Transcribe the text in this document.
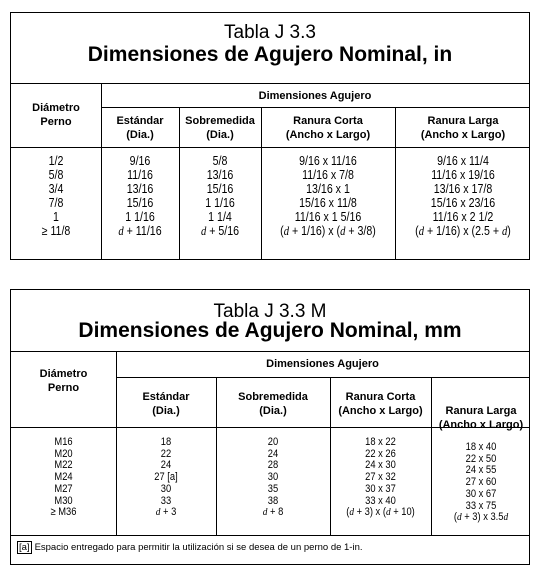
Tabla J 3.3
Dimensiones de Agujero Nominal, in
Diámetro
Perno
Dimensiones Agujero
Estándar
(Dia.)
Sobremedida
(Dia.)
Ranura Corta
(Ancho x Largo)
Ranura Larga
(Ancho x Largo)
1/2
5/8
3/4
7/8
1
≥ 11/8
9/16
11/16
13/16
15/16
1 1/16
d + 11/16
5/8
13/16
15/16
1 1/16
1 1/4
d + 5/16
9/16 x 11/16
11/16 x 7/8
13/16 x 1
15/16 x 11/8
11/16 x 1 5/16
(d + 1/16) x (d + 3/8)
9/16 x 11/4
11/16 x 19/16
13/16 x 17/8
15/16 x 23/16
11/16 x 2 1/2
(d + 1/16) x (2.5 + d)
Tabla J 3.3 M
Dimensiones de Agujero Nominal, mm
Diámetro
Perno
Dimensiones Agujero
Estándar
(Dia.)
Sobremedida
(Dia.)
Ranura Corta
(Ancho x Largo)	Ranura Larga
(Ancho x Largo)
M16
M20
M22
M24
M27
M30
≥ M36
18
22
24
27 [a]
30
33
d + 3
20
24
28
30
35
38
d + 8
18 x 22
22 x 26
24 x 30
27 x 32
30 x 37
33 x 40
(d + 3) x (d + 10)
18 x 40
22 x 50
24 x 55
27 x 60
30 x 67
33 x 75
(d + 3) x 3.5d
[a] Espacio entregado para permitir la utilización si se desea de un perno de 1-in.
